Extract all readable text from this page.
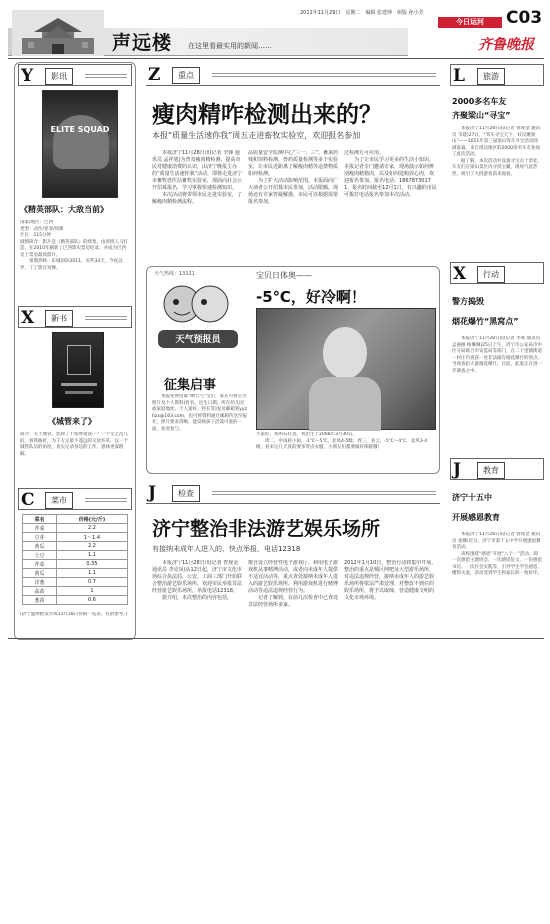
2011年11月29日　星期二　编辑 张建坤　组版 孙小芳	C03
今日运河
声远楼 在这里看最实用的新闻……	齐鲁晚报
Y	影讯
ELITE SQUAD
《精英部队：大敌当前》
国家/地区：巴西
类型：动作/犯罪/惊悚
片长：115分钟
剧情简介：影片是《精英部队》的续集，由原班人马打造，在2010年刷新了巴西影史票房纪录，并成为巴西史上票房最高影片。
　　预期热映：东城国际2011，头些33天，今夜以罗，丁丁影应说惨。
X	新书
《城管来了》
简介：关于城管，您除了不惊界谈谈一？一个文艺范儿的，看我曲折，为千万定最不遥远的交放弃草，以一个城管队员的角度，真实记录身边的工作、感体更深理解。
C	菜市
菜名	价格(元/斤)
芹菜	2.2
豆芽	1～1.4
黄瓜	2.2
土豆	1.1
芹菜	0.35
黄瓜	1.1
洋葱	0.7
蒜苗	1
葱苗	0.6
(济宁温州批发市场11月28日价格一览表，仅供参考。)
Z	重点
瘦肉精咋检测出来的？
本报“质量生活速你我”周五走进畜牧实验室，欢迎报名参加
　　本报济宁11月28日讯(记者 李锋 通讯员 孟祥旭)为普及瘦肉精检测，提高市民对健康消费的认识，由济宁晚报主办的“质量生活速你我”活动，即将走进济宁市畜牧兽医站畜牧实验室，现面向社会公开招募报名，学习掌握快速检测知识。
　　本次活动将带领市民走进实验室，了解瘦肉精检测流程。
品质量安全监测中心“三一、三”、畜禽药残和饲料检测、兽药质量检测等多个实验室，让市民近距离了解瘦肉精等违禁物质如何检测。
　　为了扩大活动影响范围，本报面向广大读者公开招募市民参加，活动限额，现场还有专家答疑解惑，市民可以根据需要报名参加。
过检测方可应用。
　　为了让市民学习更多的生活小知识，本报记者专门邀请专家，现场演示如何辨别瘦肉精猪肉，以及如何选购放心肉，欢迎报名参加。报名电话：18678730171，报名时间截至12月1日，有兴趣的市民可拨打电话报名参加本次活动。
天气热线：13121
天气预报员
征集启事
　　本报免费招募“晒天气”宝贝，家长可将宝贝照片及个人资料(姓名、出生日期、所在幼儿园或家庭地址、个人爱好、特长等)发送邮箱到yyzhzx@163.com，也可将资料通过邮箱传送至报社，照片要求清晰，能反映孩子活泼可爱的一面，欢迎参与。
宝贝日体奥——
-5℃，好冷啊！
大家好，我叫石轩意。我出生于2008年3月30日。
　　周二，中雨转小雨，-1℃～5℃，北风4-5级；周三，多云，-5℃～4℃，北风3-4级，看来这几天真的要多穿点衣服，小朋友们都要做好保暖哦！
J	检查
济宁整治非法游艺娱乐场所
有接纳未成年人进入的，快点举报，电话12318
　　本报济宁11月28日讯(记者 曾现金 通讯员 李克凤)从12日起，济宁市文化市场综合执法局，公安、工商三部门开始联合整治游艺娱乐场所，欢迎市民举报非法经营游艺娱乐场所，举报电话12318。
　　据介绍，本次整治的内容包括，
擅自设立经营性电子游戏厅、利用电子游戏机从事赌博活动，或者向未成年人提供不适宜活动等，重点查处接纳未成年人进入的游艺娱乐场所、利用游戏机进行赌博活动等违法违规经营行为。
　　记者了解到，在前几次检查中已查处非法经营场所多家。
2012年1月10日，整治行动将集中开展，整治的重点是城区网吧及大型游乐场所，对违法违规经营，接纳未成年人的游艺娱乐场所将依法严肃处理，对整改不到位的娱乐场所，将予以取缔，营造健康文明的文化市场环境。
L	旅游
2000多名车友
齐聚梁山“寻宝”
　　本报济宁11月28日讯(记者 曾现金 通讯员 韦建)27日，“驾车寻宝天下，好汉聚梁山”——2011年第三届梁山驾车寻宝活动圆满落幕，来自周边地区的2000余名车友参加了此次活动。
　　据了解，本次活动共设置寻宝点十余处，车友们在梁山景区内寻找宝藏，现场气氛热烈，吸引了大批游客前来观看。
X	行动
警方捣毁
烟花爆竹“黑窝点”
　　本报济宁11月28日讯(记者 李豪 通讯员 孟丽丽 杨琳琳)25日上午，济宁市公安局市中区分局联合市安监局等部门，在二十里铺街道一村庄内查获一处非法储存烟花爆竹的窝点，当场查扣大量烟花爆竹，目前，此案正在进一步调查之中。
J	教育
济宁十五中
开展感恩教育
　　本报济宁11月28日讯(记者 曾现金 通讯员 张娜)近日，济宁市第十五中学开展感恩教育活动。
　　该校围绕“感恩”开展“八个一”活动，即一次感恩主题班会、一次感恩征文、一份感恩书信、一次社会实践等，引导学生学会感恩、懂得关爱，活动受到学生和家长的一致好评。
